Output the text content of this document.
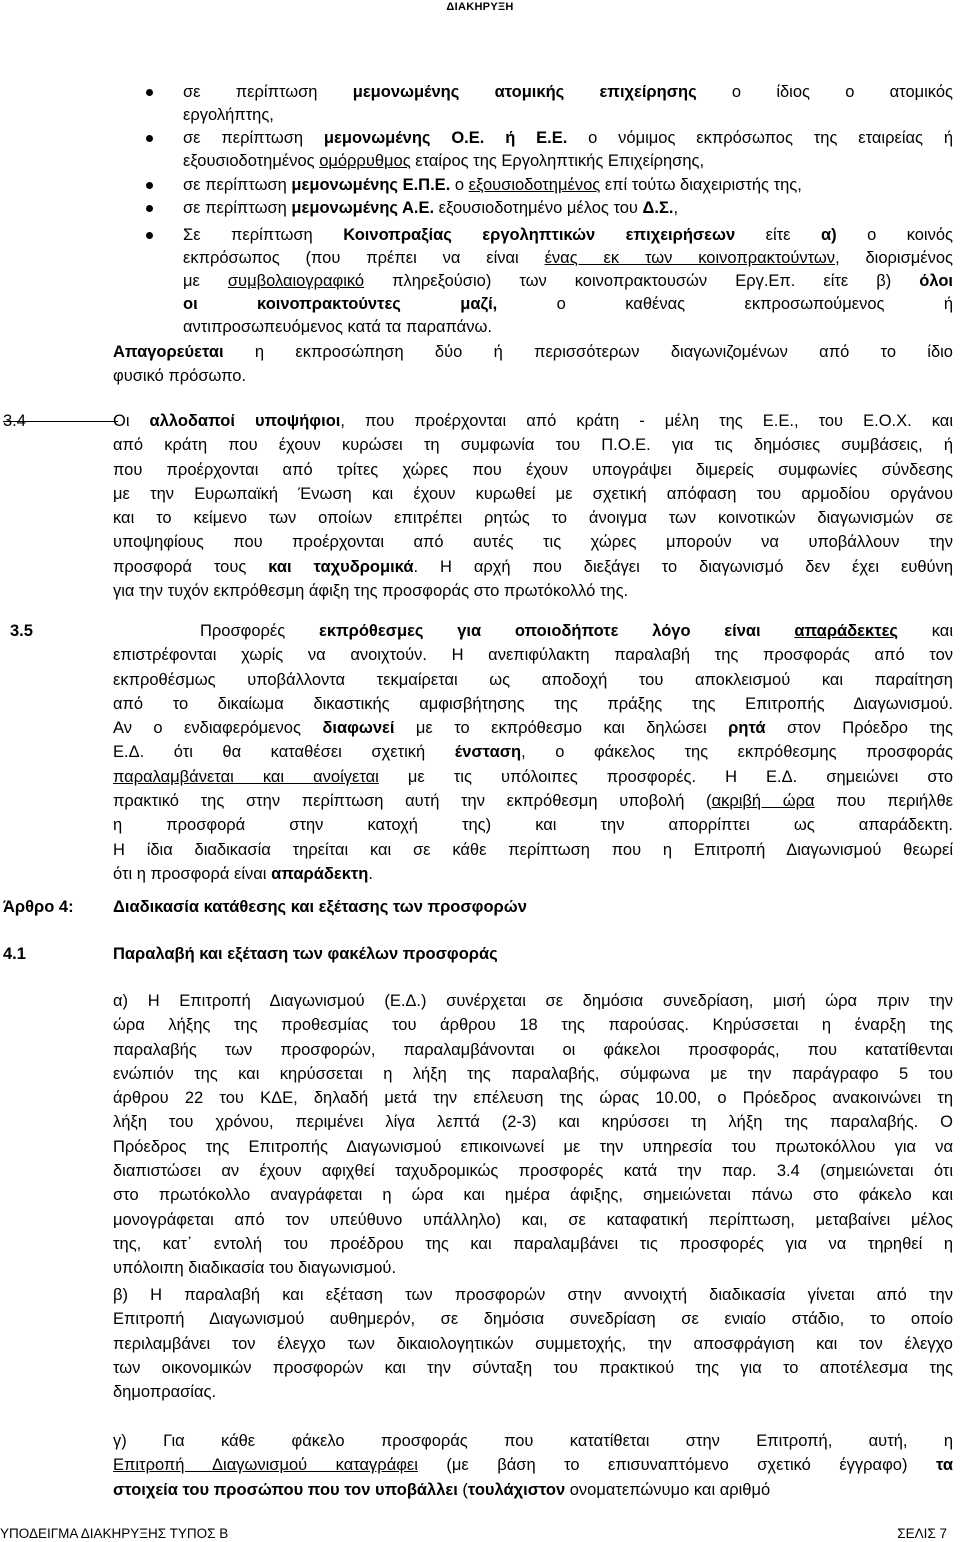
ΔΙΑΚΗΡΥΞΗ
σε περίπτωση μεμονωμένης ατομικής επιχείρησης ο ίδιος ο ατομικός
εργολήπτης,
σε περίπτωση μεμονωμένης Ο.Ε. ή Ε.Ε. ο νόμιμος εκπρόσωπος της εταιρείας ή
εξουσιοδοτημένος ομόρρυθμος εταίρος της Εργοληπτικής Επιχείρησης,
σε περίπτωση μεμονωμένης Ε.Π.Ε. ο εξουσιοδοτημένος επί τούτω διαχειριστής της,
σε περίπτωση μεμονωμένης Α.Ε. εξουσιοδοτημένο μέλος του Δ.Σ.,
Σε περίπτωση Κοινοπραξίας εργοληπτικών επιχειρήσεων είτε α) ο κοινός
εκπρόσωπος (που πρέπει να είναι ένας εκ των κοινοπρακτούντων, διορισμένος
με συμβολαιογραφικό πληρεξούσιο) των κοινοπρακτουσών Εργ.Επ. είτε β) όλοι
οι κοινοπρακτούντες μαζί, ο καθένας εκπροσωπούμενος ή
αντιπροσωπευόμενος κατά τα παραπάνω.
Απαγορεύεται η εκπροσώπηση δύο ή περισσότερων διαγωνιζομένων από το ίδιο
φυσικό πρόσωπο.
3.4	Οι αλλοδαποί υποψήφιοι, που προέρχονται από κράτη - μέλη της Ε.Ε., του Ε.Ο.Χ. και
από κράτη που έχουν κυρώσει τη συμφωνία του Π.Ο.Ε. για τις δημόσιες συμβάσεις, ή
που προέρχονται από τρίτες χώρες που έχουν υπογράψει διμερείς συμφωνίες σύνδεσης
με την Ευρωπαϊκή Ένωση και έχουν κυρωθεί με σχετική απόφαση του αρμοδίου οργάνου
και το κείμενο των οποίων επιτρέπει ρητώς το άνοιγμα των κοινοτικών διαγωνισμών σε
υποψηφίους που προέρχονται από αυτές τις χώρες μπορούν να υποβάλλουν την
προσφορά τους και ταχυδρομικά. Η αρχή που διεξάγει το διαγωνισμό δεν έχει ευθύνη
για την τυχόν εκπρόθεσμη άφιξη της προσφοράς στο πρωτόκολλό της.
3.5	Προσφορές εκπρόθεσμες για οποιοδήποτε λόγο είναι απαράδεκτες και
επιστρέφονται χωρίς να ανοιχτούν. Η ανεπιφύλακτη παραλαβή της προσφοράς από τον
εκπροθέσμως υποβάλλοντα τεκμαίρεται ως αποδοχή του αποκλεισμού και παραίτηση
από το δικαίωμα δικαστικής αμφισβήτησης της πράξης της Επιτροπής Διαγωνισμού.
Αν ο ενδιαφερόμενος διαφωνεί με το εκπρόθεσμο και δηλώσει ρητά στον Πρόεδρο της
Ε.Δ. ότι θα καταθέσει σχετική ένσταση, ο φάκελος της εκπρόθεσμης προσφοράς
παραλαμβάνεται και ανοίγεται με τις υπόλοιπες προσφορές. Η Ε.Δ. σημειώνει στο
πρακτικό της στην περίπτωση αυτή την εκπρόθεσμη υποβολή (ακριβή ώρα που περιήλθε
η προσφορά στην κατοχή της) και την απορρίπτει ως απαράδεκτη.
Η ίδια διαδικασία τηρείται και σε κάθε περίπτωση που η Επιτροπή Διαγωνισμού θεωρεί
ότι η προσφορά είναι απαράδεκτη.
Άρθρο 4: Διαδικασία κατάθεσης και εξέτασης των προσφορών
4.1	Παραλαβή και εξέταση των φακέλων προσφοράς
α) Η Επιτροπή Διαγωνισμού (Ε.Δ.) συνέρχεται σε δημόσια συνεδρίαση, μισή ώρα πριν την
ώρα λήξης της προθεσμίας του άρθρου 18 της παρούσας. Κηρύσσεται η έναρξη της
παραλαβής των προσφορών, παραλαμβάνονται οι φάκελοι προσφοράς, που κατατίθενται
ενώπιόν της και κηρύσσεται η λήξη της παραλαβής, σύμφωνα με την παράγραφο 5 του
άρθρου 22 του ΚΔΕ, δηλαδή μετά την επέλευση της ώρας 10.00, ο Πρόεδρος ανακοινώνει τη
λήξη του χρόνου, περιμένει λίγα λεπτά (2-3) και κηρύσσει τη λήξη της παραλαβής. Ο
Πρόεδρος της Επιτροπής Διαγωνισμού επικοινωνεί με την υπηρεσία του πρωτοκόλλου για να
διαπιστώσει αν έχουν αφιχθεί ταχυδρομικώς προσφορές κατά την παρ. 3.4 (σημειώνεται ότι
στο πρωτόκολλο αναγράφεται η ώρα και ημέρα άφιξης, σημειώνεται πάνω στο φάκελο και
μονογράφεται από τον υπεύθυνο υπάλληλο) και, σε καταφατική περίπτωση, μεταβαίνει μέλος
της, κατ᾽ εντολή του προέδρου της και παραλαμβάνει τις προσφορές για να τηρηθεί η
υπόλοιπη διαδικασία του διαγωνισμού.
β) Η παραλαβή και εξέταση των προσφορών στην αννοιχτή διαδικασία γίνεται από την
Επιτροπή Διαγωνισμού αυθημερόν, σε δημόσια συνεδρίαση σε ενιαίο στάδιο, το οποίο
περιλαμβάνει τον έλεγχο των δικαιολογητικών συμμετοχής, την αποσφράγιση και τον έλεγχο
των οικονομικών προσφορών και την σύνταξη του πρακτικού της για το αποτέλεσμα της
δημοπρασίας.
γ) Για κάθε φάκελο προσφοράς που κατατίθεται στην Επιτροπή, αυτή, η
Επιτροπή Διαγωνισμού καταγράφει (με βάση το επισυναπτόμενο σχετικό έγγραφο) τα
στοιχεία του προσώπου που τον υποβάλλει (τουλάχιστον ονοματεπώνυμο και αριθμό
ΥΠΟΔΕΙΓΜΑ ΔΙΑΚΗΡΥΞΗΣ ΤΥΠΟΣ Β	ΣΕΛΙΣ 7
